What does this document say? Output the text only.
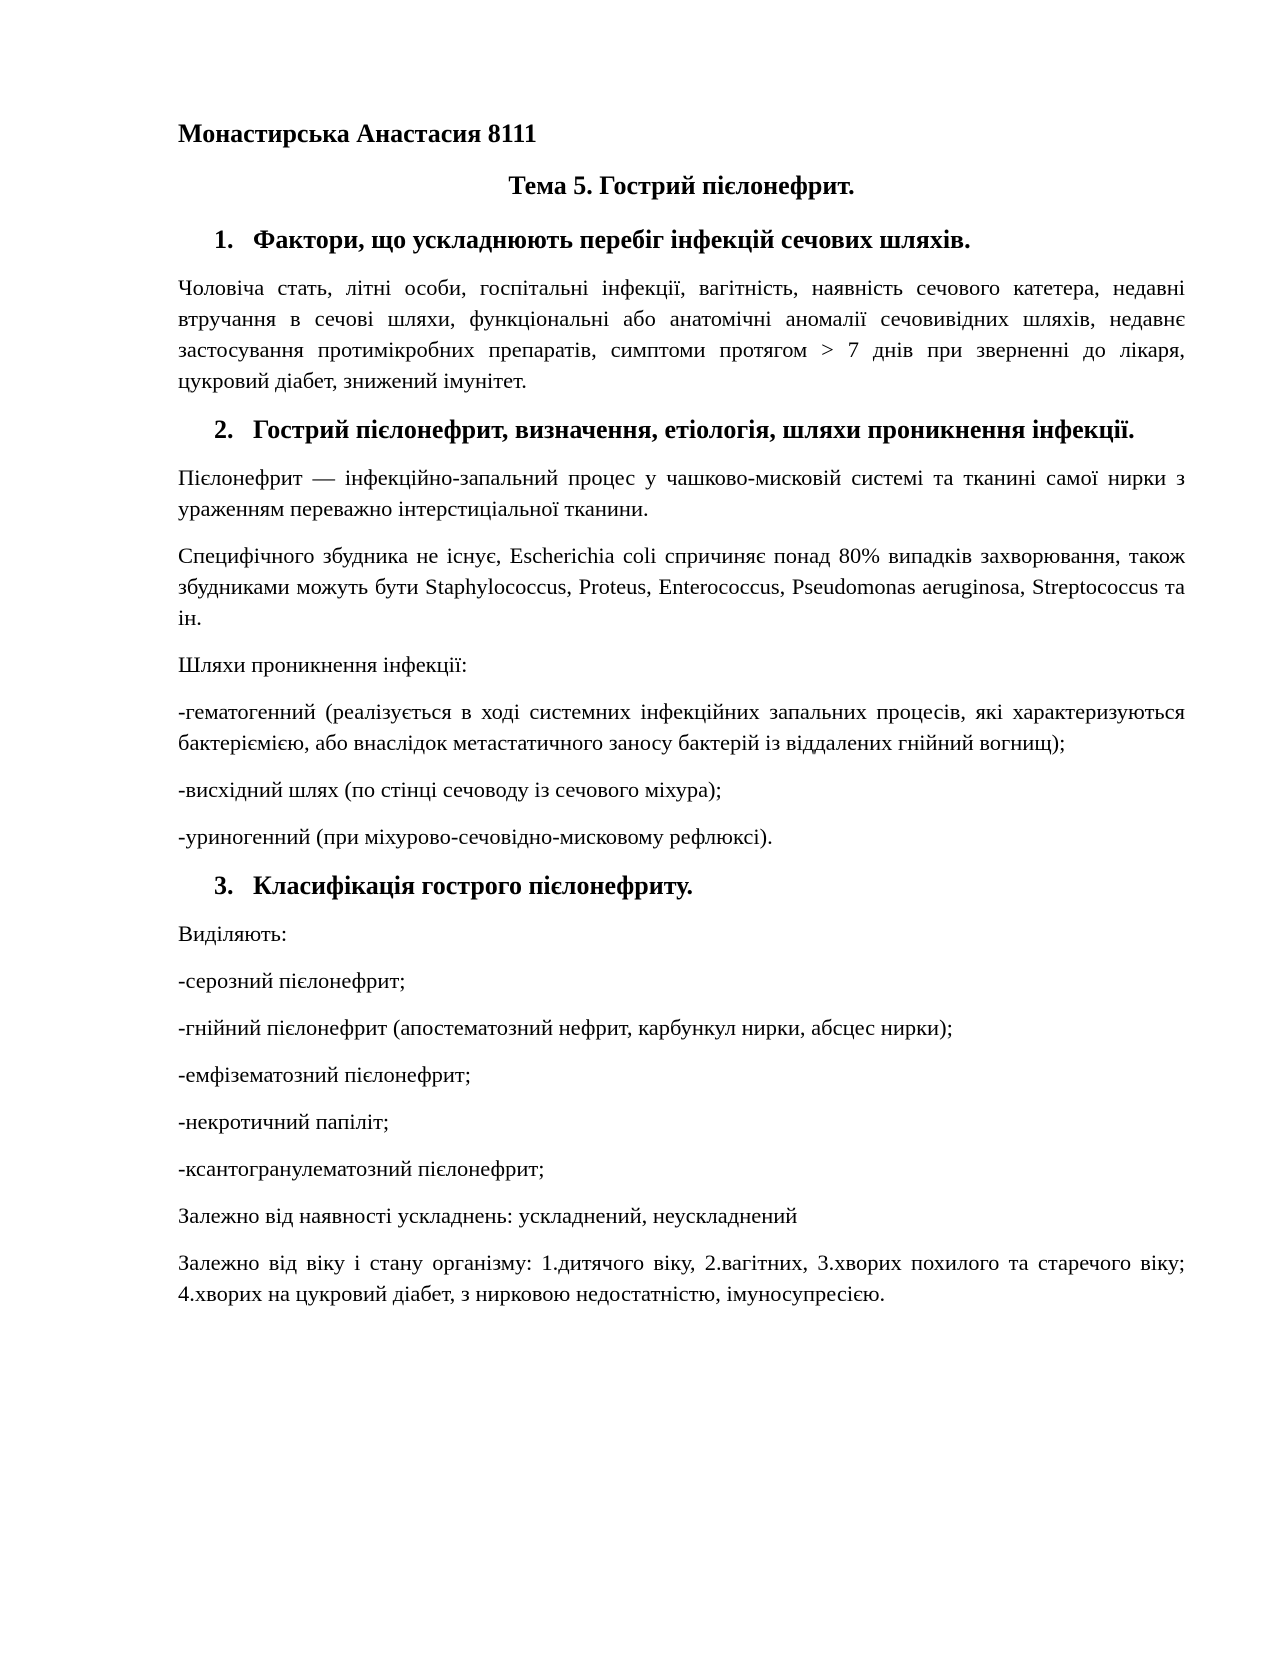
Монастирська Анастасия 8111
Тема 5. Гострий пієлонефрит.
1. Фактори, що ускладнюють перебіг інфекцій сечових шляхів.

Чоловіча стать, літні особи, госпітальні інфекції, вагітність, наявність сечового катетера, недавні втручання в сечові шляхи, функціональні або анатомічні аномалії сечовивідних шляхів, недавнє застосування протимікробних препаратів, симптоми протягом > 7 днів при зверненні до лікаря, цукровий діабет, знижений імунітет.

2. Гострий пієлонефрит, визначення, етіологія, шляхи проникнення інфекції.

Пієлонефрит — інфекційно-запальний процес у чашково-мисковій системі та тканині самої нирки з ураженням переважно інтерстиціальної тканини.

Специфічного збудника не існує, Escherichia coli спричиняє понад 80% випадків захворювання, також збудниками можуть бути Staphylococcus, Proteus, Enterococcus, Pseudomonas aeruginosa, Streptococcus та ін.

Шляхи проникнення інфекції:

-гематогенний (реалізується в ході системних інфекційних запальних процесів, які характеризуються бактеріємією, або внаслідок метастатичного заносу бактерій із віддалених гнійний вогнищ);

-висхідний шлях (по стінці сечоводу із сечового міхура);

-уриногенний (при міхурово-сечовідно-мисковому рефлюксі).

3. Класифікація гострого пієлонефриту.

Виділяють:

-серозний пієлонефрит;

-гнійний пієлонефрит (апостематозний нефрит, карбункул нирки, абсцес нирки);

-емфізематозний пієлонефрит;

-некротичний папіліт;

-ксантогранулематозний пієлонефрит;

Залежно від наявності ускладнень: ускладнений, неускладнений

Залежно від віку і стану організму: 1.дитячого віку, 2.вагітних, 3.хворих похилого та старечого віку; 4.хворих на цукровий діабет, з нирковою недостатністю, імуносупресією.
